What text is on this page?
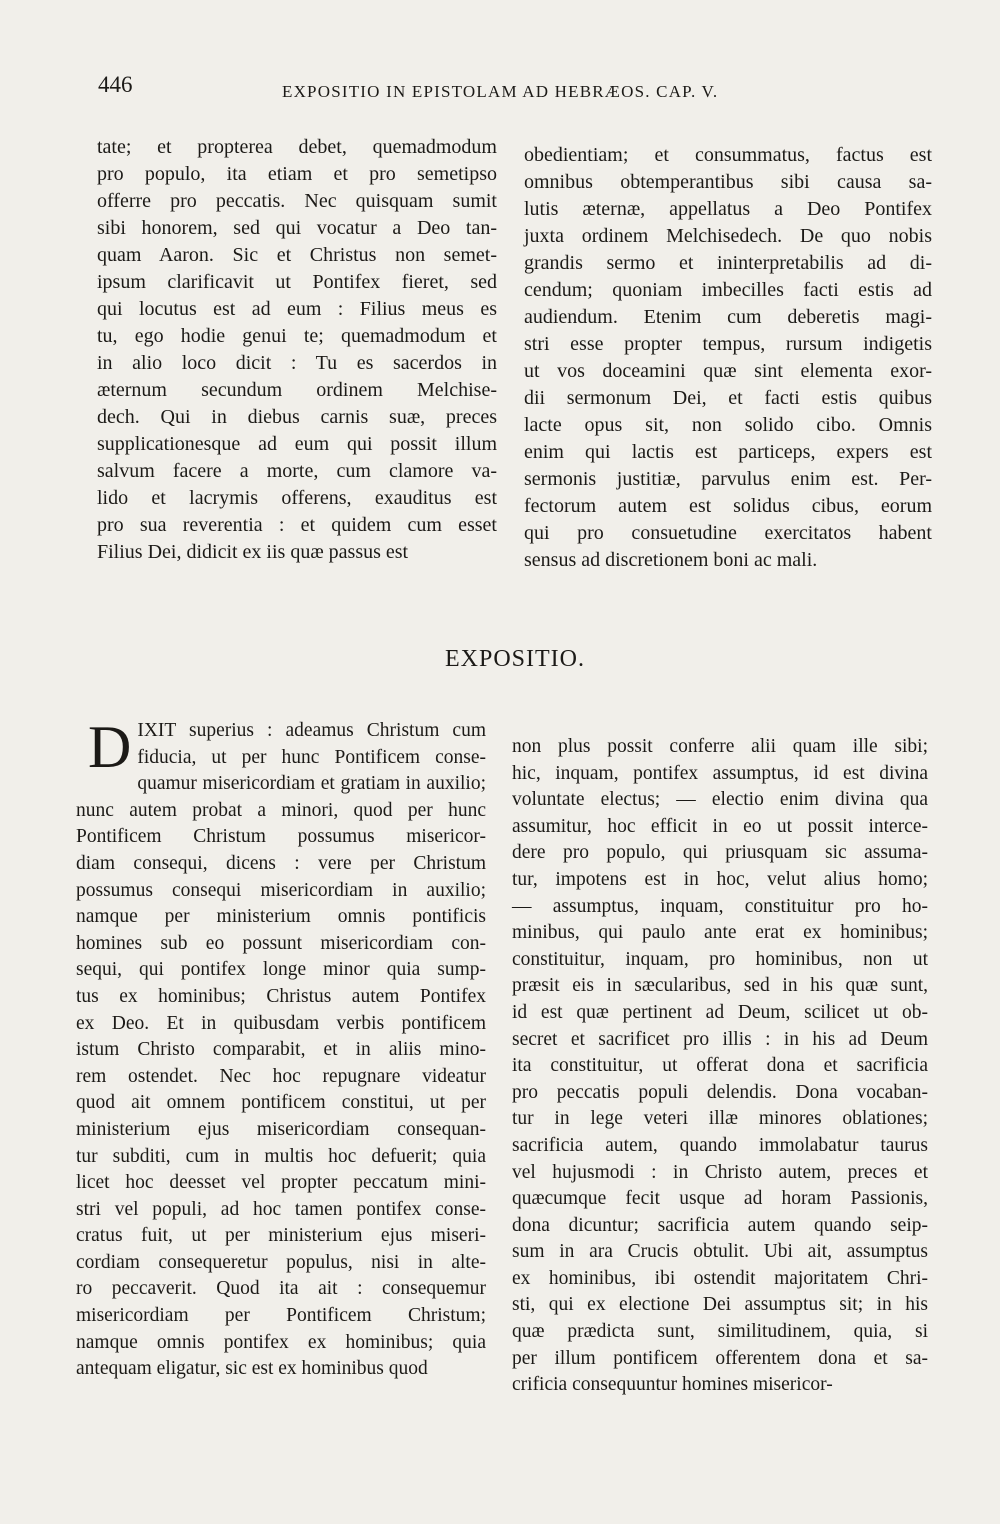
446	EXPOSITIO IN EPISTOLAM AD HEBRÆOS. CAP. V.
tate; et propterea debet, quemadmodum
pro populo, ita etiam et pro semetipso
offerre pro peccatis. Nec quisquam sumit
sibi honorem, sed qui vocatur a Deo tan-
quam Aaron. Sic et Christus non semet-
ipsum clarificavit ut Pontifex fieret, sed
qui locutus est ad eum : Filius meus es
tu, ego hodie genui te; quemadmodum et
in alio loco dicit : Tu es sacerdos in
æternum secundum ordinem Melchise-
dech. Qui in diebus carnis suæ, preces
supplicationesque ad eum qui possit illum
salvum facere a morte, cum clamore va-
lido et lacrymis offerens, exauditus est
pro sua reverentia : et quidem cum esset
Filius Dei, didicit ex iis quæ passus est
obedientiam; et consummatus, factus est
omnibus obtemperantibus sibi causa sa-
lutis æternæ, appellatus a Deo Pontifex
juxta ordinem Melchisedech. De quo nobis
grandis sermo et ininterpretabilis ad di-
cendum; quoniam imbecilles facti estis ad
audiendum. Etenim cum deberetis magi-
stri esse propter tempus, rursum indigetis
ut vos doceamini quæ sint elementa exor-
dii sermonum Dei, et facti estis quibus
lacte opus sit, non solido cibo. Omnis
enim qui lactis est particeps, expers est
sermonis justitiæ, parvulus enim est. Per-
fectorum autem est solidus cibus, eorum
qui pro consuetudine exercitatos habent
sensus ad discretionem boni ac mali.
EXPOSITIO.
D IXIT superius : adeamus Christum cum
fiducia, ut per hunc Pontificem conse-
quamur misericordiam et gratiam in auxilio;
nunc autem probat a minori, quod per hunc
Pontificem Christum possumus misericor-
diam consequi, dicens : vere per Christum
possumus consequi misericordiam in auxilio;
namque per ministerium omnis pontificis
homines sub eo possunt misericordiam con-
sequi, qui pontifex longe minor quia sump-
tus ex hominibus; Christus autem Pontifex
ex Deo. Et in quibusdam verbis pontificem
istum Christo comparabit, et in aliis mino-
rem ostendet. Nec hoc repugnare videatur
quod ait omnem pontificem constitui, ut per
ministerium ejus misericordiam consequan-
tur subditi, cum in multis hoc defuerit; quia
licet hoc deesset vel propter peccatum mini-
stri vel populi, ad hoc tamen pontifex conse-
cratus fuit, ut per ministerium ejus miseri-
cordiam consequeretur populus, nisi in alte-
ro peccaverit. Quod ita ait : consequemur
misericordiam per Pontificem Christum;
namque omnis pontifex ex hominibus; quia
antequam eligatur, sic est ex hominibus quod
non plus possit conferre alii quam ille sibi;
hic, inquam, pontifex assumptus, id est divina
voluntate electus; — electio enim divina qua
assumitur, hoc efficit in eo ut possit interce-
dere pro populo, qui priusquam sic assuma-
tur, impotens est in hoc, velut alius homo;
— assumptus, inquam, constituitur pro ho-
minibus, qui paulo ante erat ex hominibus;
constituitur, inquam, pro hominibus, non ut
præsit eis in sæcularibus, sed in his quæ sunt,
id est quæ pertinent ad Deum, scilicet ut ob-
secret et sacrificet pro illis : in his ad Deum
ita constituitur, ut offerat dona et sacrificia
pro peccatis populi delendis. Dona vocaban-
tur in lege veteri illæ minores oblationes;
sacrificia autem, quando immolabatur taurus
vel hujusmodi : in Christo autem, preces et
quæcumque fecit usque ad horam Passionis,
dona dicuntur; sacrificia autem quando seip-
sum in ara Crucis obtulit. Ubi ait, assumptus
ex hominibus, ibi ostendit majoritatem Chri-
sti, qui ex electione Dei assumptus sit; in his
quæ prædicta sunt, similitudinem, quia, si
per illum pontificem offerentem dona et sa-
crificia consequuntur homines misericor-
